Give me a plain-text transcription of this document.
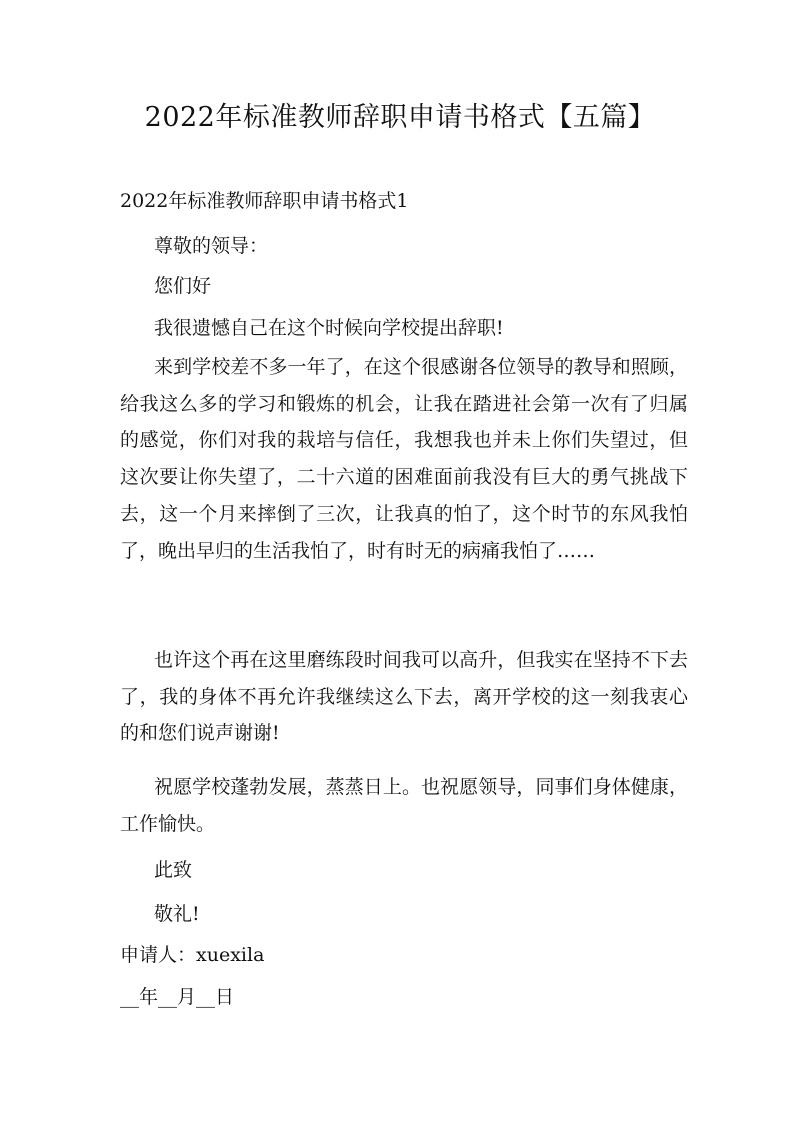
2022年标准教师辞职申请书格式【五篇】

2022年标准教师辞职申请书格式1

尊敬的领导：

您们好

我很遗憾自己在这个时候向学校提出辞职!

来到学校差不多一年了，在这个很感谢各位领导的教导和照顾，给我这么多的学习和锻炼的机会，让我在踏进社会第一次有了归属的感觉，你们对我的栽培与信任，我想我也并未上你们失望过，但这次要让你失望了，二十六道的困难面前我没有巨大的勇气挑战下去，这一个月来摔倒了三次，让我真的怕了，这个时节的东风我怕了，晚出早归的生活我怕了，时有时无的病痛我怕了……

也许这个再在这里磨练段时间我可以高升，但我实在坚持不下去了，我的身体不再允许我继续这么下去，离开学校的这一刻我衷心的和您们说声谢谢!

祝愿学校蓬勃发展，蒸蒸日上。也祝愿领导，同事们身体健康，工作愉快。

此致

敬礼!

申请人：xuexila

__年__月__日
